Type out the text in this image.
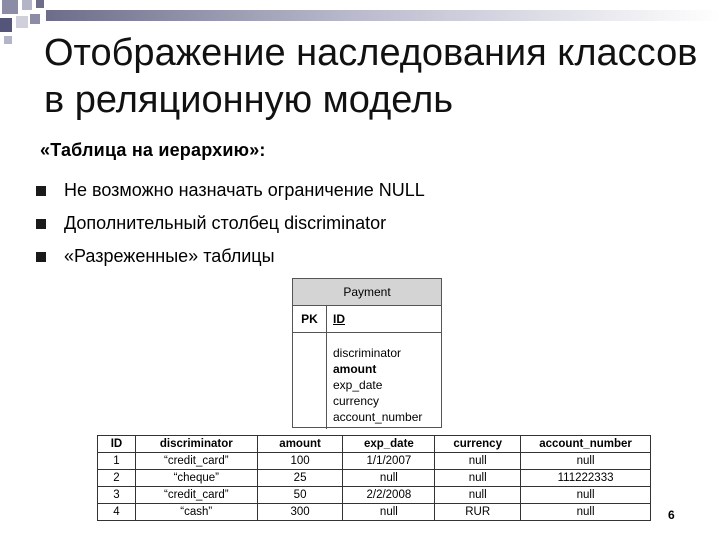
Отображение наследования классов в реляционную модель
«Таблица на иерархию»:
Не возможно назначать ограничение NULL
Дополнительный столбец discriminator
«Разреженные» таблицы
Payment
PK	ID
discriminator
amount
exp_date
currency
account_number
ID	discriminator	amount	exp_date	currency	account_number
1	“credit_card”	100	1/1/2007	null	null
2	“cheque”	25	null	null	111222333
3	“credit_card”	50	2/2/2008	null	null
4	“cash”	300	null	RUR	null	6
